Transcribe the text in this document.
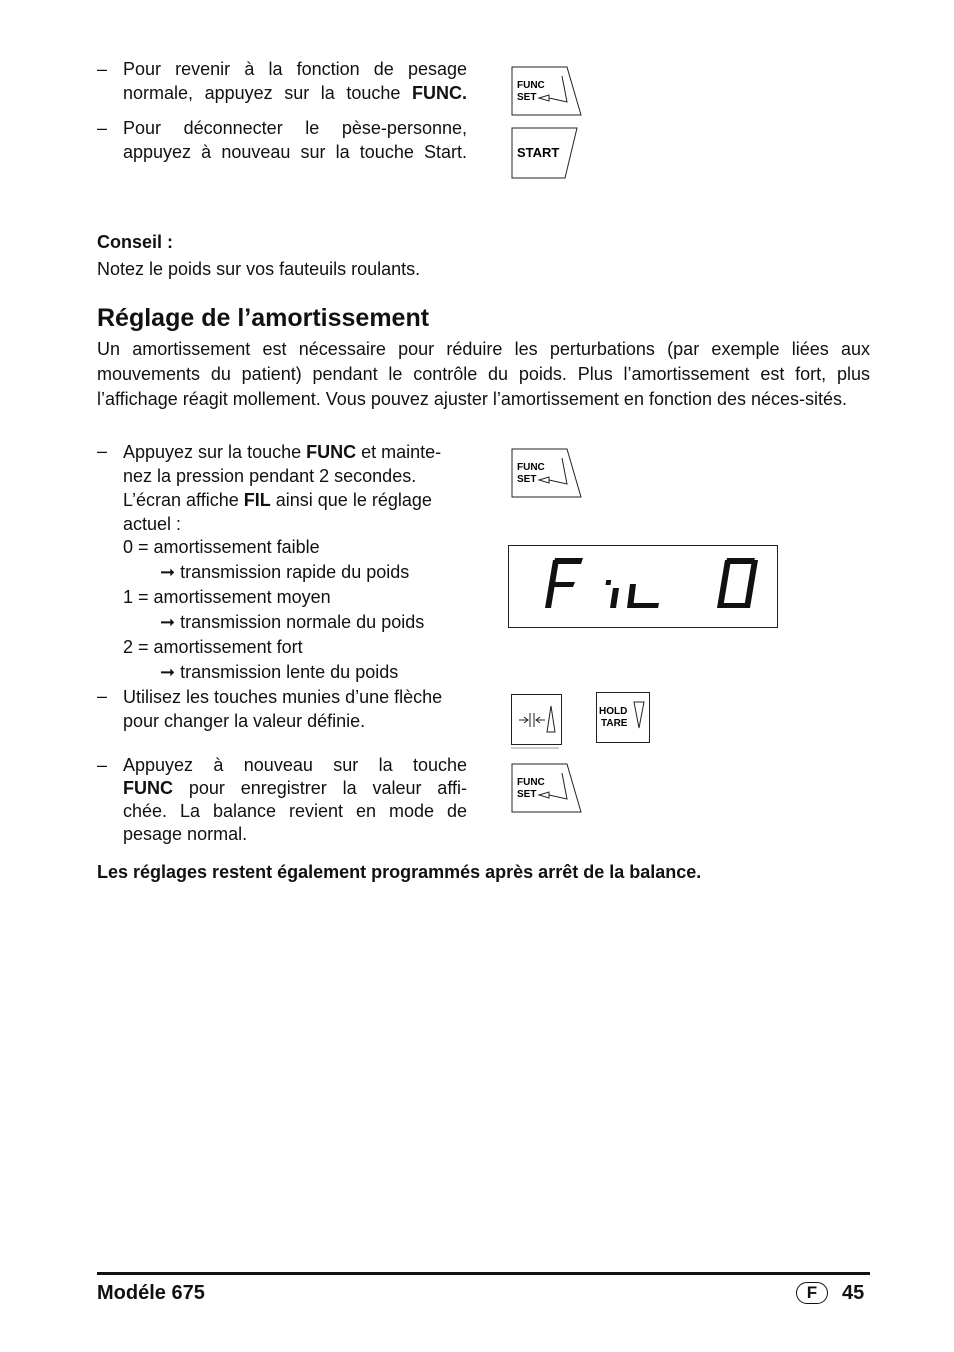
– Pour revenir à la fonction de pesage normale, appuyez sur la touche FUNC.
– Pour déconnecter le pèse-personne, appuyez à nouveau sur la touche Start.
FUNC
SET
START
Conseil :
Notez le poids sur vos fauteuils roulants.
Réglage de l’amortissement
Un amortissement est nécessaire pour réduire les perturbations (par exemple liées aux mouvements du patient) pendant le contrôle du poids. Plus l’amortissement est fort, plus l’affichage réagit mollement. Vous pouvez ajuster l’amortissement en fonction des néces-sités.
– Appuyez sur la touche FUNC et mainte-
nez la pression pendant 2 secondes.
L’écran affiche FIL ainsi que le réglage
actuel :
0 = amortissement faible
➞ transmission rapide du poids
1 = amortissement moyen
➞ transmission normale du poids
2 = amortissement fort
➞ transmission lente du poids
– Utilisez les touches munies d’une flèche
pour changer la valeur définie.
– Appuyez à nouveau sur la touche
FUNC pour enregistrer la valeur affi-
chée. La balance revient en mode de
pesage normal.
Les réglages restent également programmés après arrêt de la balance.
FUNC
SET
HOLD
TARE
FUNC
SET
Modéle 675	F	45
